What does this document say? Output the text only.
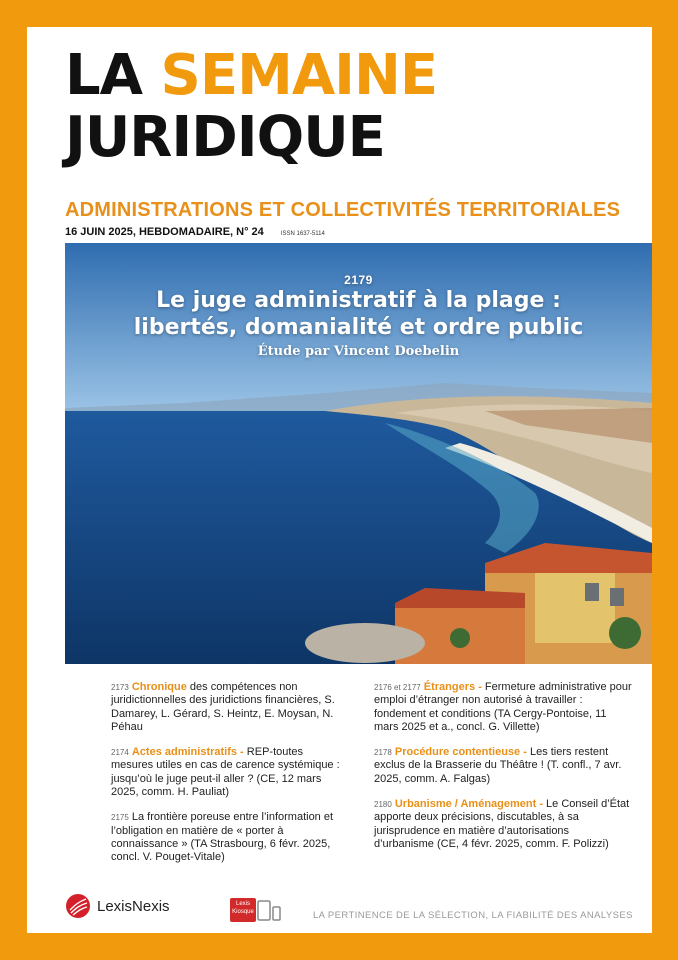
LA SEMAINE
JURIDIQUE
ADMINISTRATIONS ET COLLECTIVITÉS TERRITORIALES
16 JUIN 2025, HEBDOMADAIRE, N° 24	ISSN 1637-5114
2179
Le juge administratif à la plage :
libertés, domanialité et ordre public
Étude par Vincent Doebelin
2173 Chronique des compétences non juridictionnelles des juridictions financières, S. Damarey, L. Gérard, S. Heintz, E. Moysan, N. Péhau
2174 Actes administratifs - REP-toutes mesures utiles en cas de carence systémique : jusqu’où le juge peut-il aller ? (CE, 12 mars 2025, comm. H. Pauliat)
2175 La frontière poreuse entre l’information et l’obligation en matière de « porter à connaissance » (TA Strasbourg, 6 févr. 2025, concl. V. Pouget-Vitale)
2176 et 2177 Étrangers - Fermeture administrative pour emploi d’étranger non autorisé à travailler : fondement et conditions (TA Cergy-Pontoise, 11 mars 2025 et a., concl. G. Villette)
2178 Procédure contentieuse - Les tiers restent exclus de la Brasserie du Théâtre ! (T. confl., 7 avr. 2025, comm. A. Falgas)
2180 Urbanisme / Aménagement - Le Conseil d’État apporte deux précisions, discutables, à sa jurisprudence en matière d’autorisations d’urbanisme (CE, 4 févr. 2025, comm. F. Polizzi)
LexisNexis	Lexis
Kiosque	LA PERTINENCE DE LA SÉLECTION, LA FIABILITÉ DES ANALYSES
